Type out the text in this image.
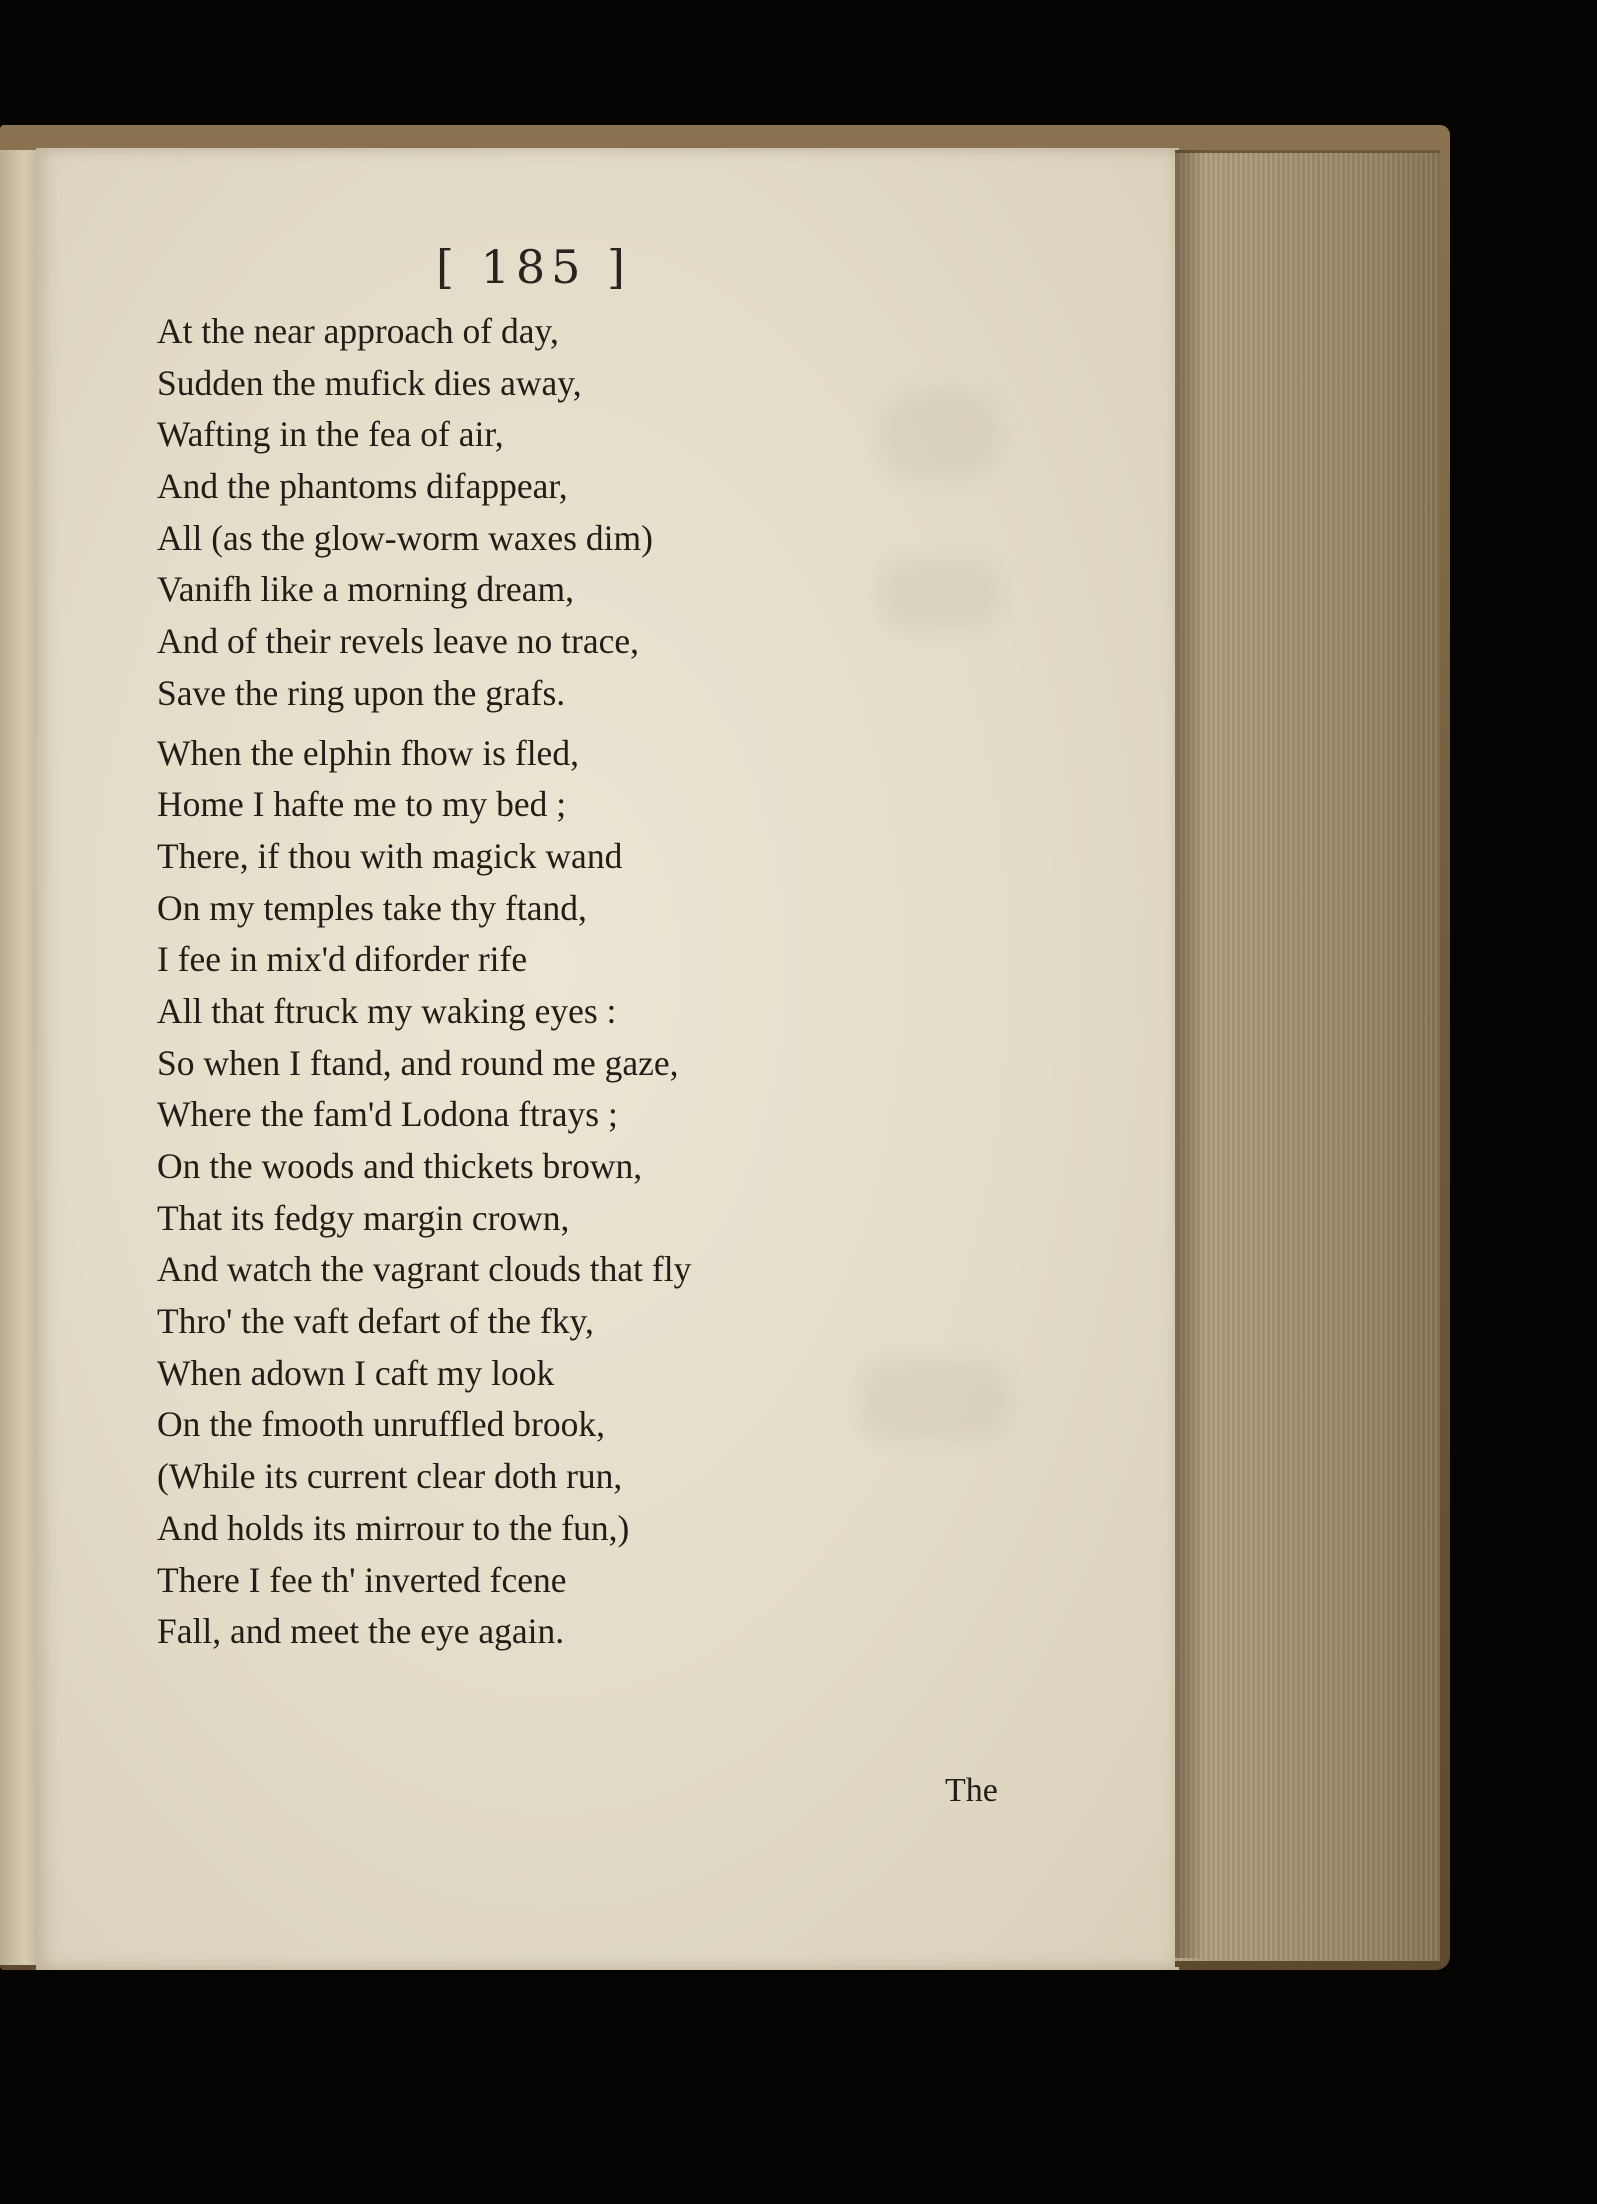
[ 185 ]
At the near approach of day,
Sudden the mufick dies away,
Wafting in the fea of air,
And the phantoms difappear,
All (as the glow-worm waxes dim)
Vanifh like a morning dream,
And of their revels leave no trace,
Save the ring upon the grafs.
When the elphin fhow is fled,
Home I hafte me to my bed ;
There, if thou with magick wand
On my temples take thy ftand,
I fee in mix'd diforder rife
All that ftruck my waking eyes :
So when I ftand, and round me gaze,
Where the fam'd Lodona ftrays ;
On the woods and thickets brown,
That its fedgy margin crown,
And watch the vagrant clouds that fly
Thro' the vaft defart of the fky,
When adown I caft my look
On the fmooth unruffled brook,
(While its current clear doth run,
And holds its mirrour to the fun,)
There I fee th' inverted fcene
Fall, and meet the eye again.
The
